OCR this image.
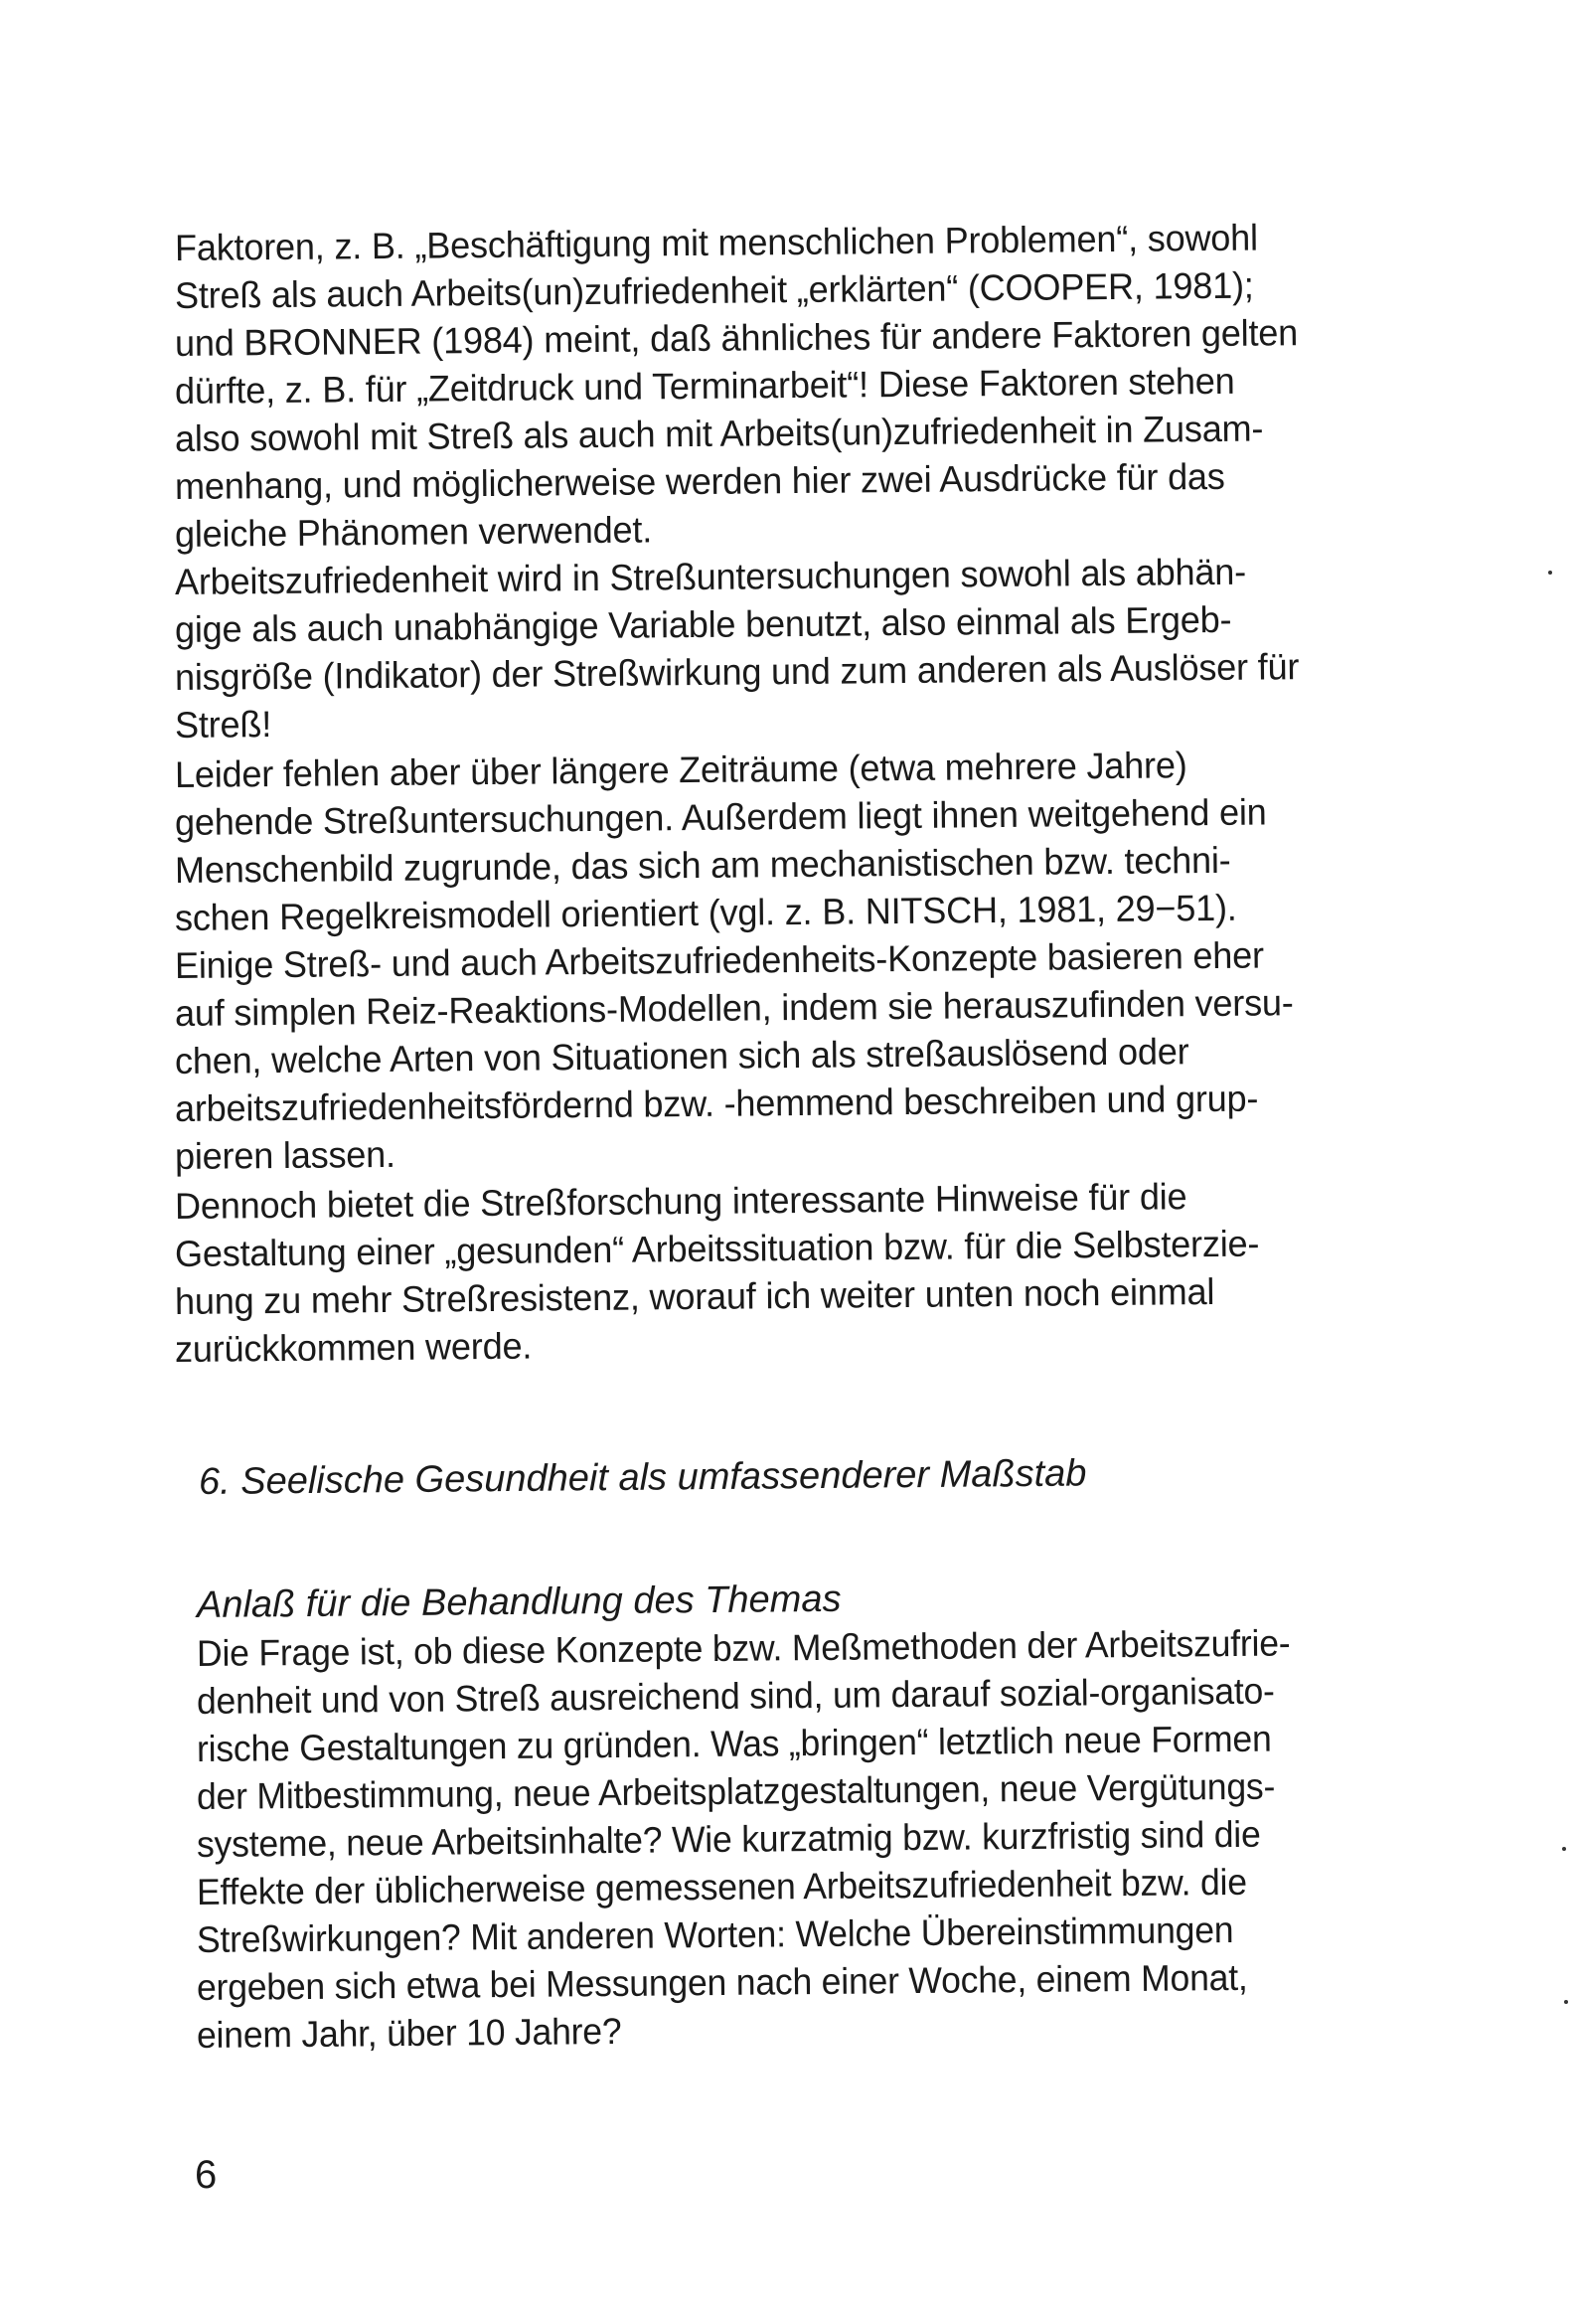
Faktoren, z. B. „Beschäftigung mit menschlichen Problemen“, sowohl
Streß als auch Arbeits(un)zufriedenheit „erklärten“ (COOPER, 1981);
und BRONNER (1984) meint, daß ähnliches für andere Faktoren gelten
dürfte, z. B. für „Zeitdruck und Terminarbeit“! Diese Faktoren stehen
also sowohl mit Streß als auch mit Arbeits(un)zufriedenheit in Zusam-
menhang, und möglicherweise werden hier zwei Ausdrücke für das
gleiche Phänomen verwendet.
Arbeitszufriedenheit wird in Streßuntersuchungen sowohl als abhän-
gige als auch unabhängige Variable benutzt, also einmal als Ergeb-
nisgröße (Indikator) der Streßwirkung und zum anderen als Auslöser für
Streß!
Leider fehlen aber über längere Zeiträume (etwa mehrere Jahre)
gehende Streßuntersuchungen. Außerdem liegt ihnen weitgehend ein
Menschenbild zugrunde, das sich am mechanistischen bzw. techni-
schen Regelkreismodell orientiert (vgl. z. B. NITSCH, 1981, 29−51).
Einige Streß- und auch Arbeitszufriedenheits-Konzepte basieren eher
auf simplen Reiz-Reaktions-Modellen, indem sie herauszufinden versu-
chen, welche Arten von Situationen sich als streßauslösend oder
arbeitszufriedenheitsfördernd bzw. -hemmend beschreiben und grup-
pieren lassen.
Dennoch bietet die Streßforschung interessante Hinweise für die
Gestaltung einer „gesunden“ Arbeitssituation bzw. für die Selbsterzie-
hung zu mehr Streßresistenz, worauf ich weiter unten noch einmal
zurückkommen werde.
6. Seelische Gesundheit als umfassenderer Maßstab
Anlaß für die Behandlung des Themas
Die Frage ist, ob diese Konzepte bzw. Meßmethoden der Arbeitszufrie-
denheit und von Streß ausreichend sind, um darauf sozial-organisato-
rische Gestaltungen zu gründen. Was „bringen“ letztlich neue Formen
der Mitbestimmung, neue Arbeitsplatzgestaltungen, neue Vergütungs-
systeme, neue Arbeitsinhalte? Wie kurzatmig bzw. kurzfristig sind die
Effekte der üblicherweise gemessenen Arbeitszufriedenheit bzw. die
Streßwirkungen? Mit anderen Worten: Welche Übereinstimmungen
ergeben sich etwa bei Messungen nach einer Woche, einem Monat,
einem Jahr, über 10 Jahre?
6
